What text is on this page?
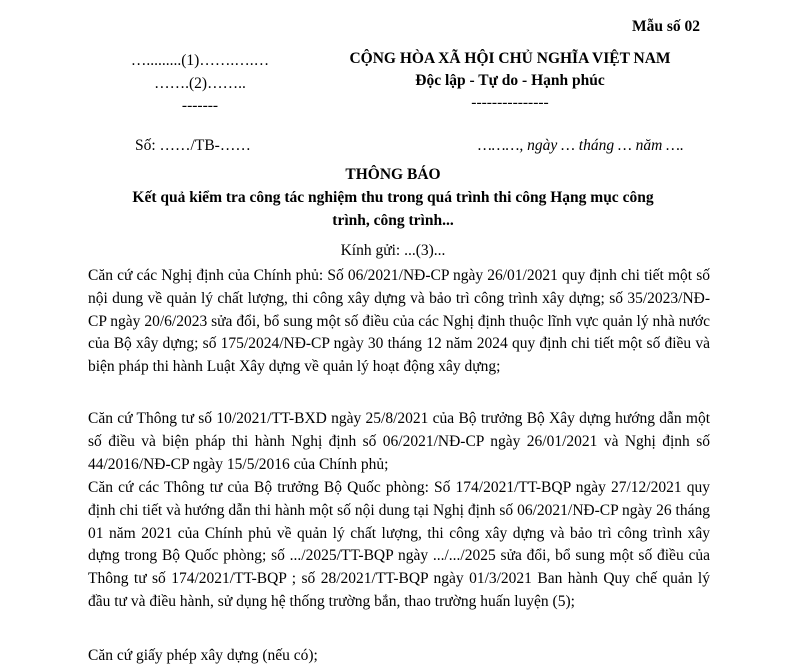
Mẫu số 02
….........(1)…….….…
…….(2)……..
-------
CỘNG HÒA XÃ HỘI CHỦ NGHĨA VIỆT NAM
Độc lập - Tự do - Hạnh phúc
---------------
Số: ……/TB-……	………, ngày … tháng … năm ….
THÔNG BÁO
Kết quả kiểm tra công tác nghiệm thu trong quá trình thi công Hạng mục công
trình, công trình...
Kính gửi: ...(3)...

Căn cứ các Nghị định của Chính phủ: Số 06/2021/NĐ-CP ngày 26/01/2021 quy định chi tiết một số nội dung về quản lý chất lượng, thi công xây dựng và bảo trì công trình xây dựng; số 35/2023/NĐ-CP ngày 20/6/2023 sửa đổi, bổ sung một số điều của các Nghị định thuộc lĩnh vực quản lý nhà nước của Bộ xây dựng; số 175/2024/NĐ-CP ngày 30 tháng 12 năm 2024 quy định chi tiết một số điều và biện pháp thi hành Luật Xây dựng về quản lý hoạt động xây dựng;

Căn cứ Thông tư số 10/2021/TT-BXD ngày 25/8/2021 của Bộ trưởng Bộ Xây dựng hướng dẫn một số điều và biện pháp thi hành Nghị định số 06/2021/NĐ-CP ngày 26/01/2021 và Nghị định số 44/2016/NĐ-CP ngày 15/5/2016 của Chính phủ;

Căn cứ các Thông tư của Bộ trưởng Bộ Quốc phòng: Số 174/2021/TT-BQP ngày 27/12/2021 quy định chi tiết và hướng dẫn thi hành một số nội dung tại Nghị định số 06/2021/NĐ-CP ngày 26 tháng 01 năm 2021 của Chính phủ về quản lý chất lượng, thi công xây dựng và bảo trì công trình xây dựng trong Bộ Quốc phòng; số .../2025/TT-BQP ngày .../.../2025 sửa đổi, bổ sung một số điều của Thông tư số 174/2021/TT-BQP ; số 28/2021/TT-BQP ngày 01/3/2021 Ban hành Quy chế quản lý đầu tư và điều hành, sử dụng hệ thống trường bắn, thao trường huấn luyện (5);

Căn cứ giấy phép xây dựng (nếu có);
